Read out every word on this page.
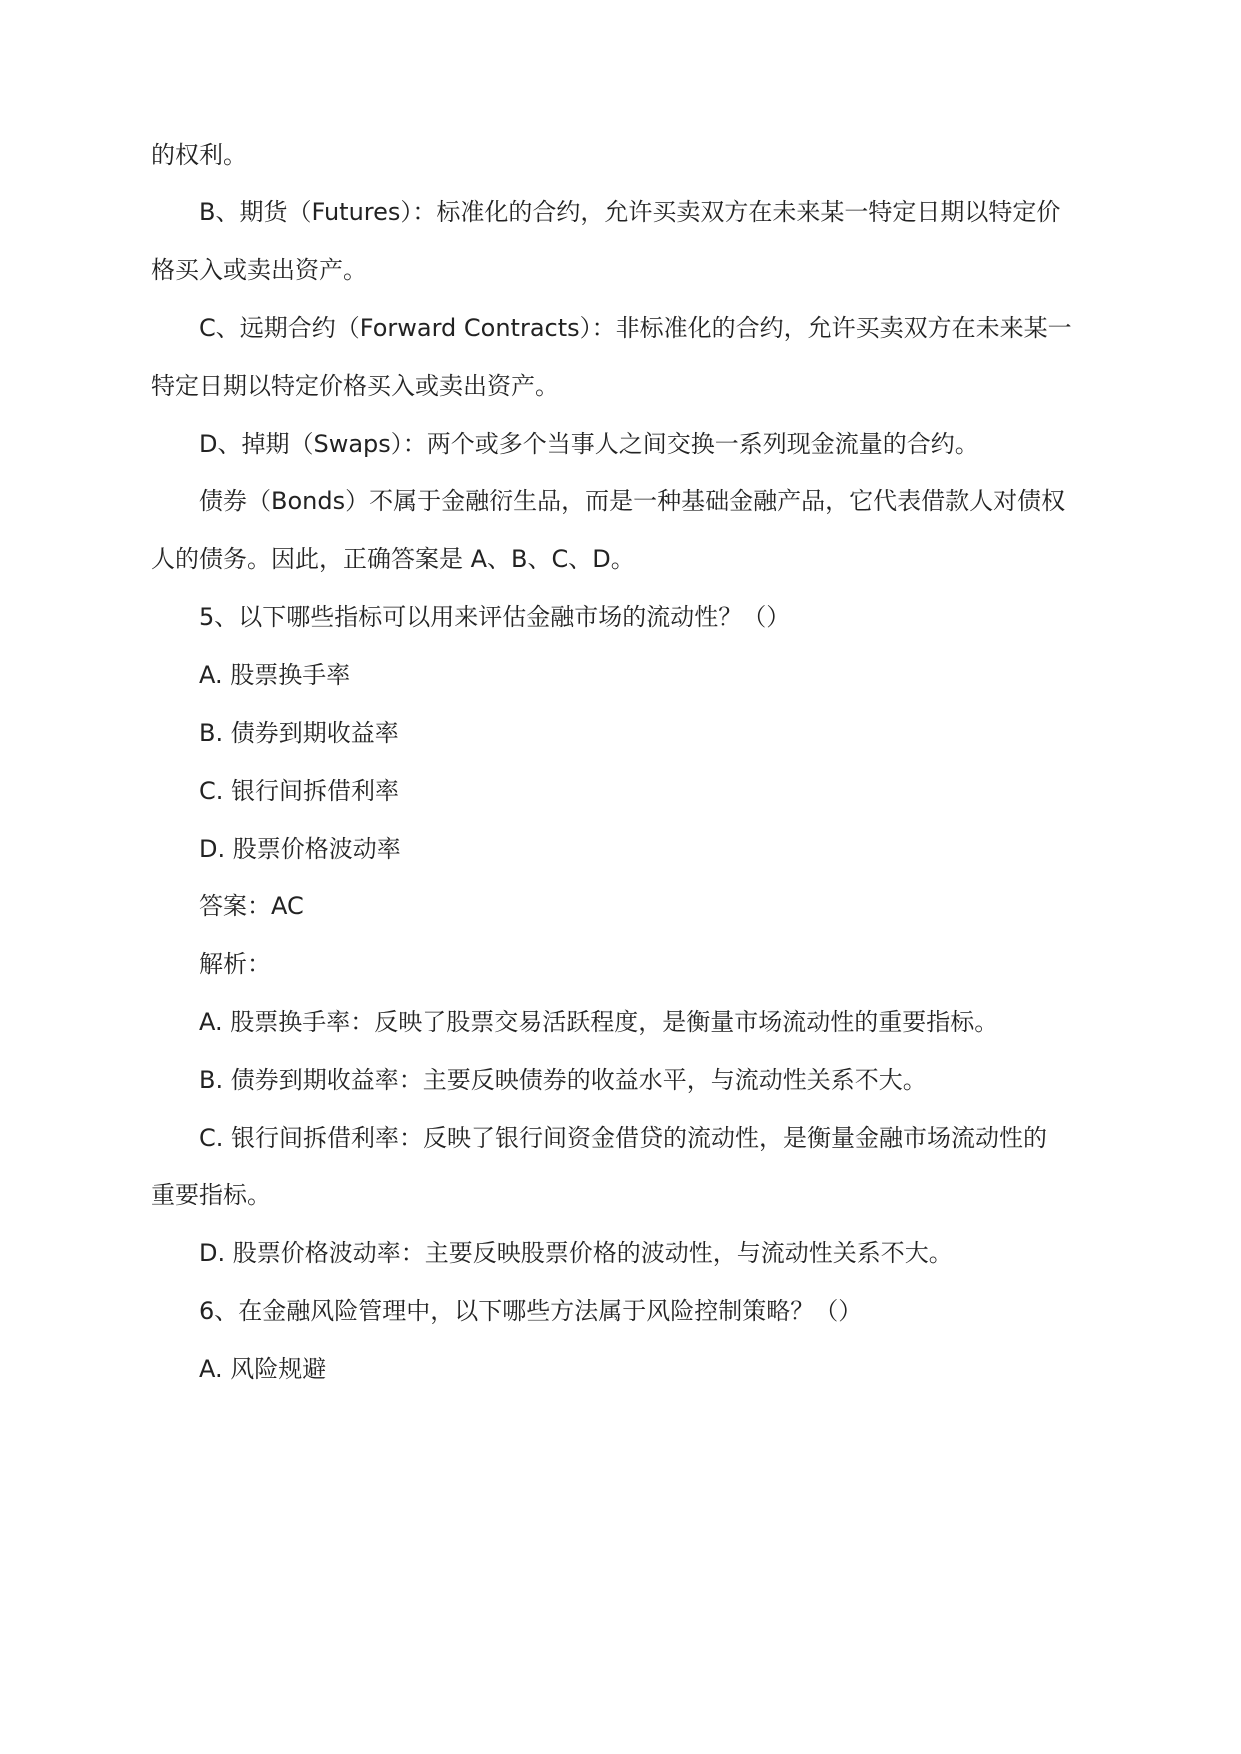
的权利。
B、期货（Futures）：标准化的合约，允许买卖双方在未来某一特定日期以特定价
格买入或卖出资产。
C、远期合约（Forward Contracts）：非标准化的合约，允许买卖双方在未来某一
特定日期以特定价格买入或卖出资产。
D、掉期（Swaps）：两个或多个当事人之间交换一系列现金流量的合约。
债券（Bonds）不属于金融衍生品，而是一种基础金融产品，它代表借款人对债权
人的债务。因此，正确答案是 A、B、C、D。
5、以下哪些指标可以用来评估金融市场的流动性？（）
A. 股票换手率
B. 债券到期收益率
C. 银行间拆借利率
D. 股票价格波动率
答案：AC
解析：
A. 股票换手率：反映了股票交易活跃程度，是衡量市场流动性的重要指标。
B. 债券到期收益率：主要反映债券的收益水平，与流动性关系不大。
C. 银行间拆借利率：反映了银行间资金借贷的流动性，是衡量金融市场流动性的
重要指标。
D. 股票价格波动率：主要反映股票价格的波动性，与流动性关系不大。
6、在金融风险管理中，以下哪些方法属于风险控制策略？（）
A. 风险规避
